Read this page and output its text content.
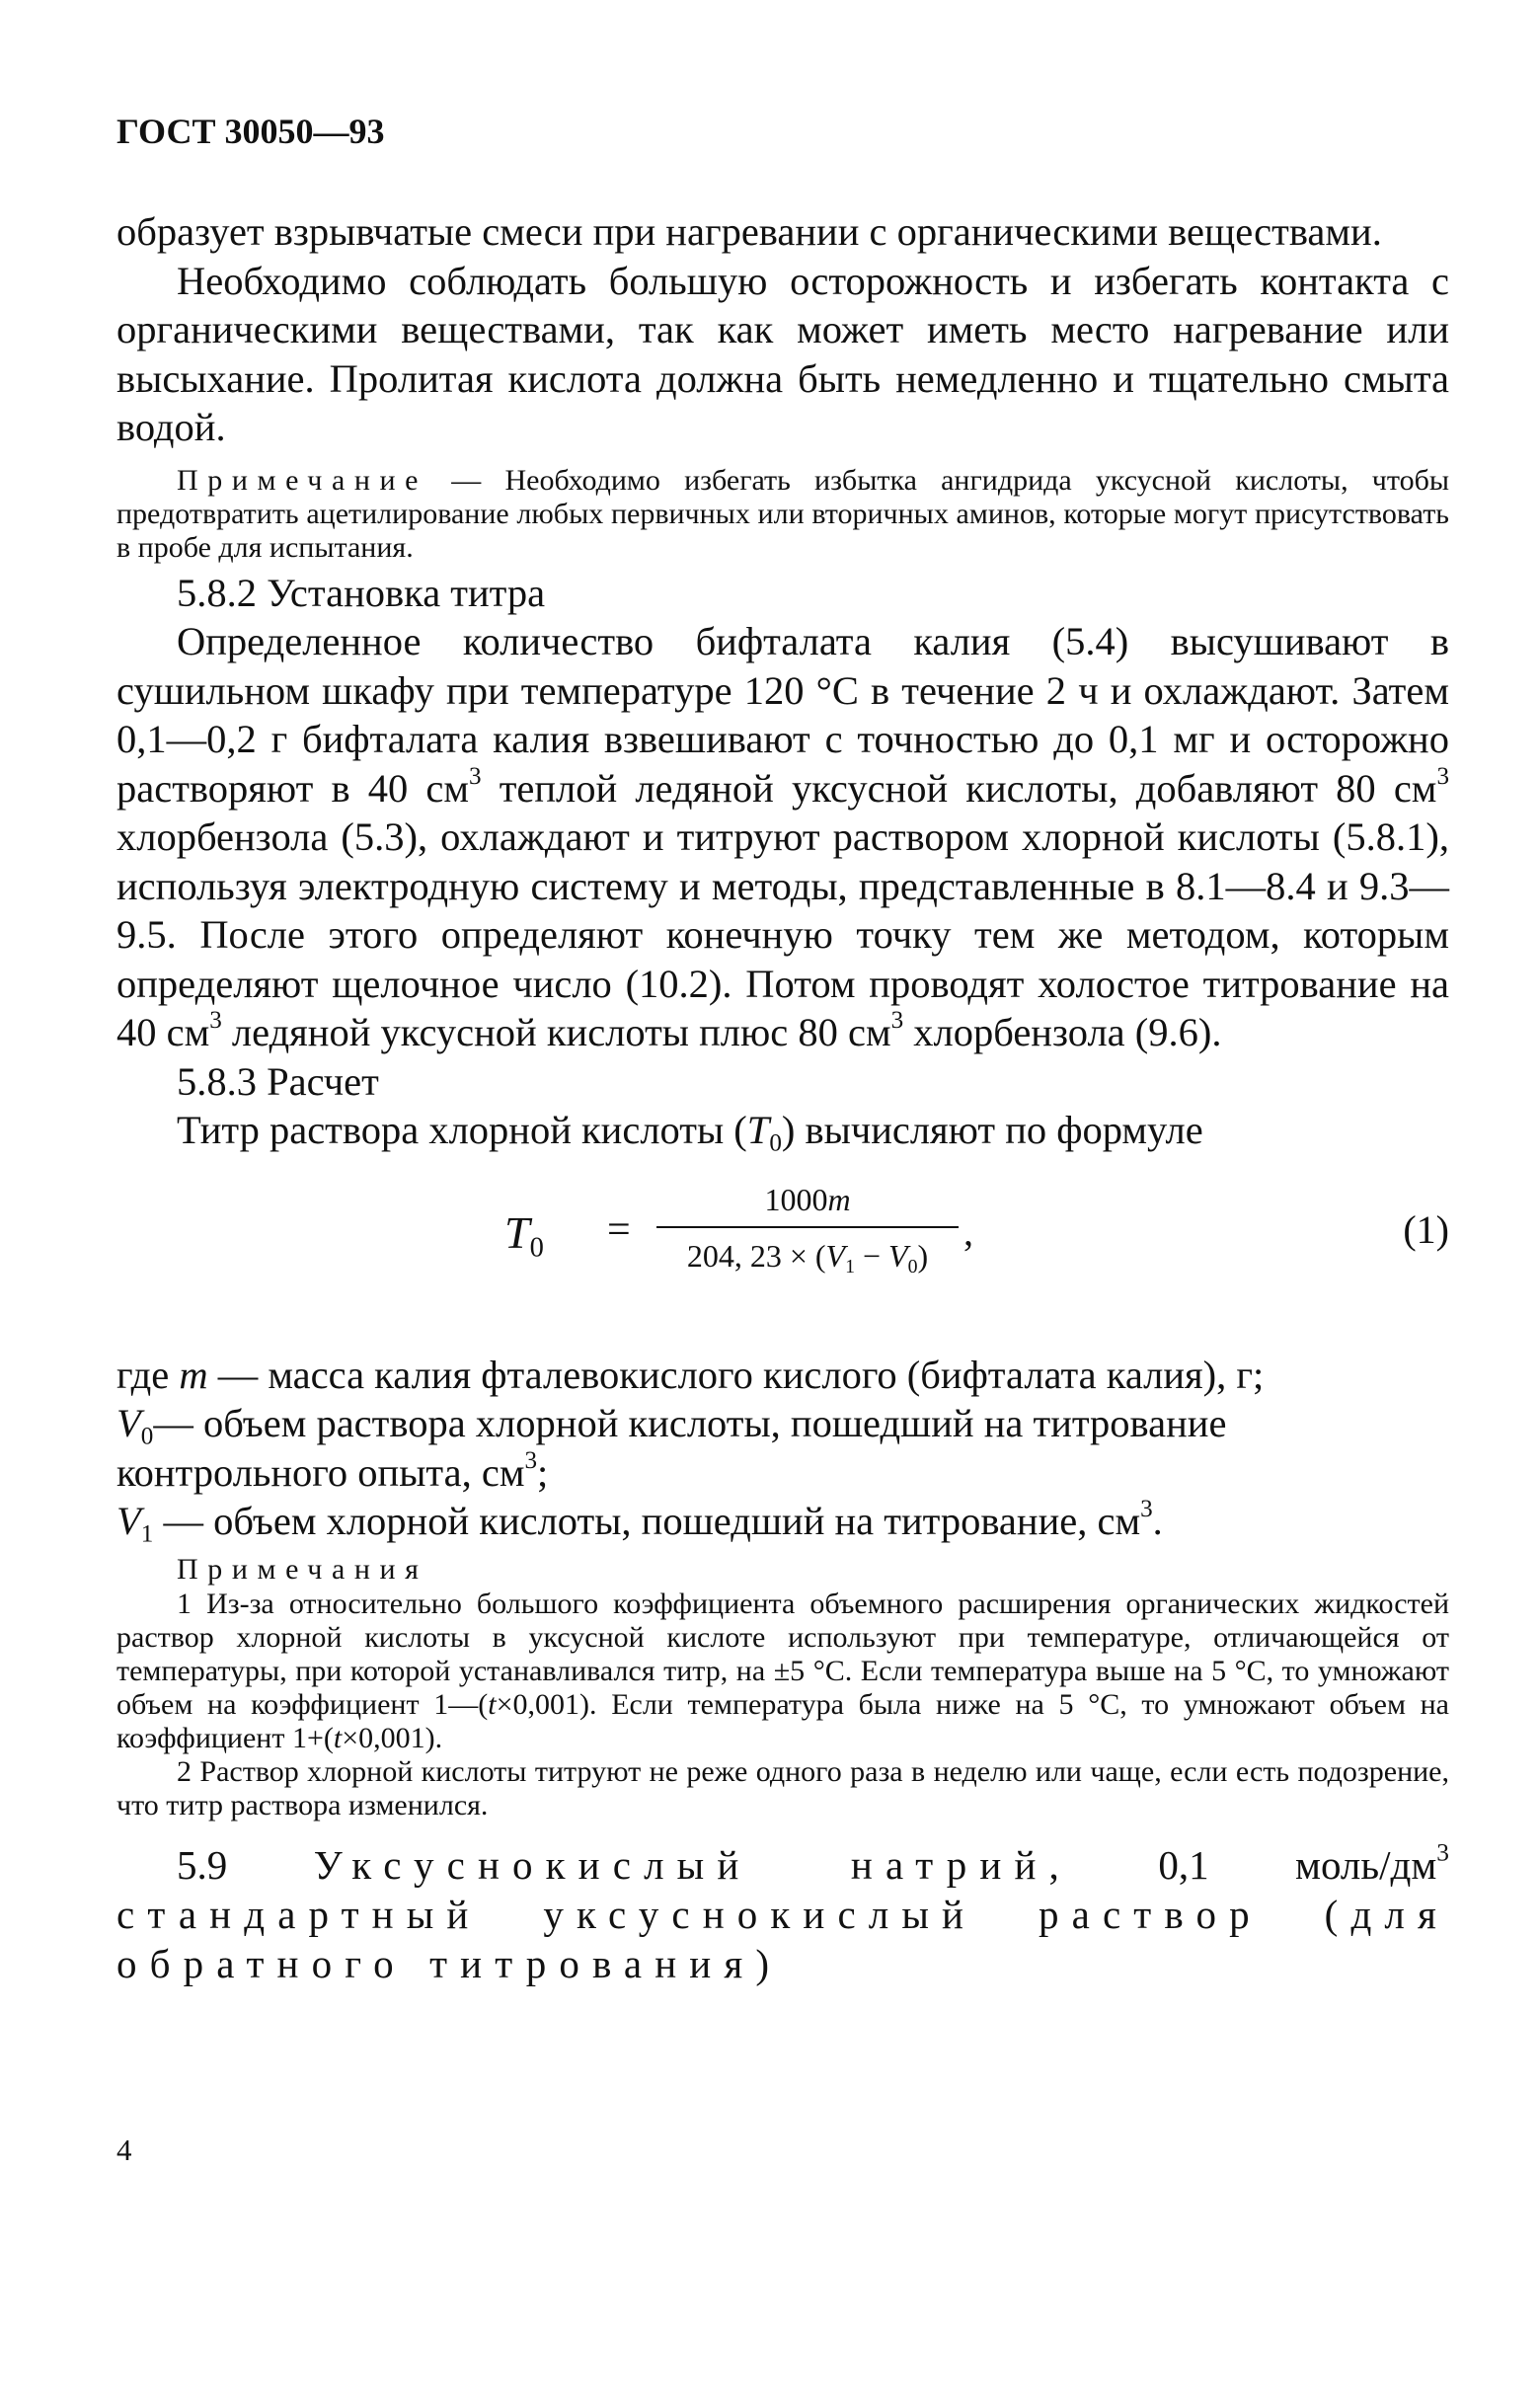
ГОСТ 30050—93

образует взрывчатые смеси при нагревании с органическими веществами.

Необходимо соблюдать большую осторожность и избегать контакта с органическими веществами, так как может иметь место нагревание или высыхание. Пролитая кислота должна быть немедленно и тщательно смыта водой.

Примечание — Необходимо избегать избытка ангидрида уксусной кислоты, чтобы предотвратить ацетилирование любых первичных или вторичных аминов, которые могут присутствовать в пробе для испытания.

5.8.2 Установка титра

Определенное количество бифталата калия (5.4) высушивают в сушильном шкафу при температуре 120 °С в течение 2 ч и охлаждают. Затем 0,1—0,2 г бифталата калия взвешивают с точностью до 0,1 мг и осторожно растворяют в 40 $см^3$ теплой ледяной уксусной кислоты, добавляют 80 $см^3$ хлорбензола (5.3), охлаждают и титруют раствором хлорной кислоты (5.8.1), используя электродную систему и методы, представленные в 8.1—8.4 и 9.3—9.5. После этого определяют конечную точку тем же методом, которым определяют щелочное число (10.2). Потом проводят холостое титрование на 40 $см^3$ ледяной уксусной кислоты плюс 80 $см^3$ хлорбензола (9.6).

5.8.3 Расчет

Титр раствора хлорной кислоты $(T_0)$ вычисляют по формуле

$T_0$ =
1000m
204, $23 \times (V_1 - V_0)$
,	(1)

где m — масса калия фталевокислого кислого (бифталата калия), г;

$V_0—$ объем раствора хлорной кислоты, пошедший на титрование

контрольного опыта, $см^3$;

$V_1$ — объем хлорной кислоты, пошедший на титрование, $см^3$.

Примечания

1 Из-за относительно большого коэффициента объемного расширения органических жидкостей раствор хлорной кислоты в уксусной кислоте используют при температуре, отличающейся от температуры, при которой устанавливался титр, на ±5 °С. Если температура выше на 5 °С, то умножают объем на коэффициент 1—(t×0,001). Если температура была ниже на 5 °С, то умножают объем на коэффициент 1+(t×0,001).

2 Раствор хлорной кислоты титруют не реже одного раза в неделю или чаще, если есть подозрение, что титр раствора изменился.

5.9 Уксуснокислый натрий, 0,1 моль/$дм^3$ стандартный уксуснокислый раствор (для обратного титрования)

4
